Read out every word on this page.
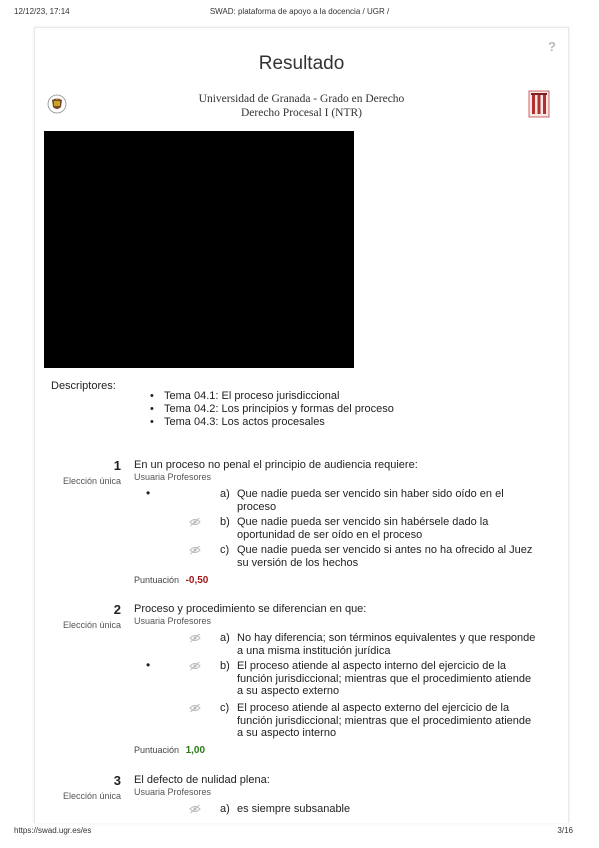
12/12/23, 17:14	SWAD: plataforma de apoyo a la docencia / UGR /
?
Resultado
Universidad de Granada - Grado en Derecho
Derecho Procesal I (NTR)
Descriptores:
• Tema 04.1: El proceso jurisdiccional
• Tema 04.2: Los principios y formas del proceso
• Tema 04.3: Los actos procesales
1
Elección única
En un proceso no penal el principio de audiencia requiere:
Usuaria Profesores
•	a) Que nadie pueda ser vencido sin haber sido oído en el proceso
b) Que nadie pueda ser vencido sin habérsele dado la oportunidad de ser oído en el proceso
c) Que nadie pueda ser vencido si antes no ha ofrecido al Juez su versión de los hechos
Puntuación -0,50
2
Elección única
Proceso y procedimiento se diferencian en que:
Usuaria Profesores
a) No hay diferencia; son términos equivalentes y que responde a una misma institución jurídica
•	b) El proceso atiende al aspecto interno del ejercicio de la función jurisdiccional; mientras que el procedimiento atiende a su aspecto externo
c) El proceso atiende al aspecto externo del ejercicio de la función jurisdiccional; mientras que el procedimiento atiende a su aspecto interno
Puntuación 1,00
3
Elección única
El defecto de nulidad plena:
Usuaria Profesores
a) es siempre subsanable
https://swad.ugr.es/es	3/16
